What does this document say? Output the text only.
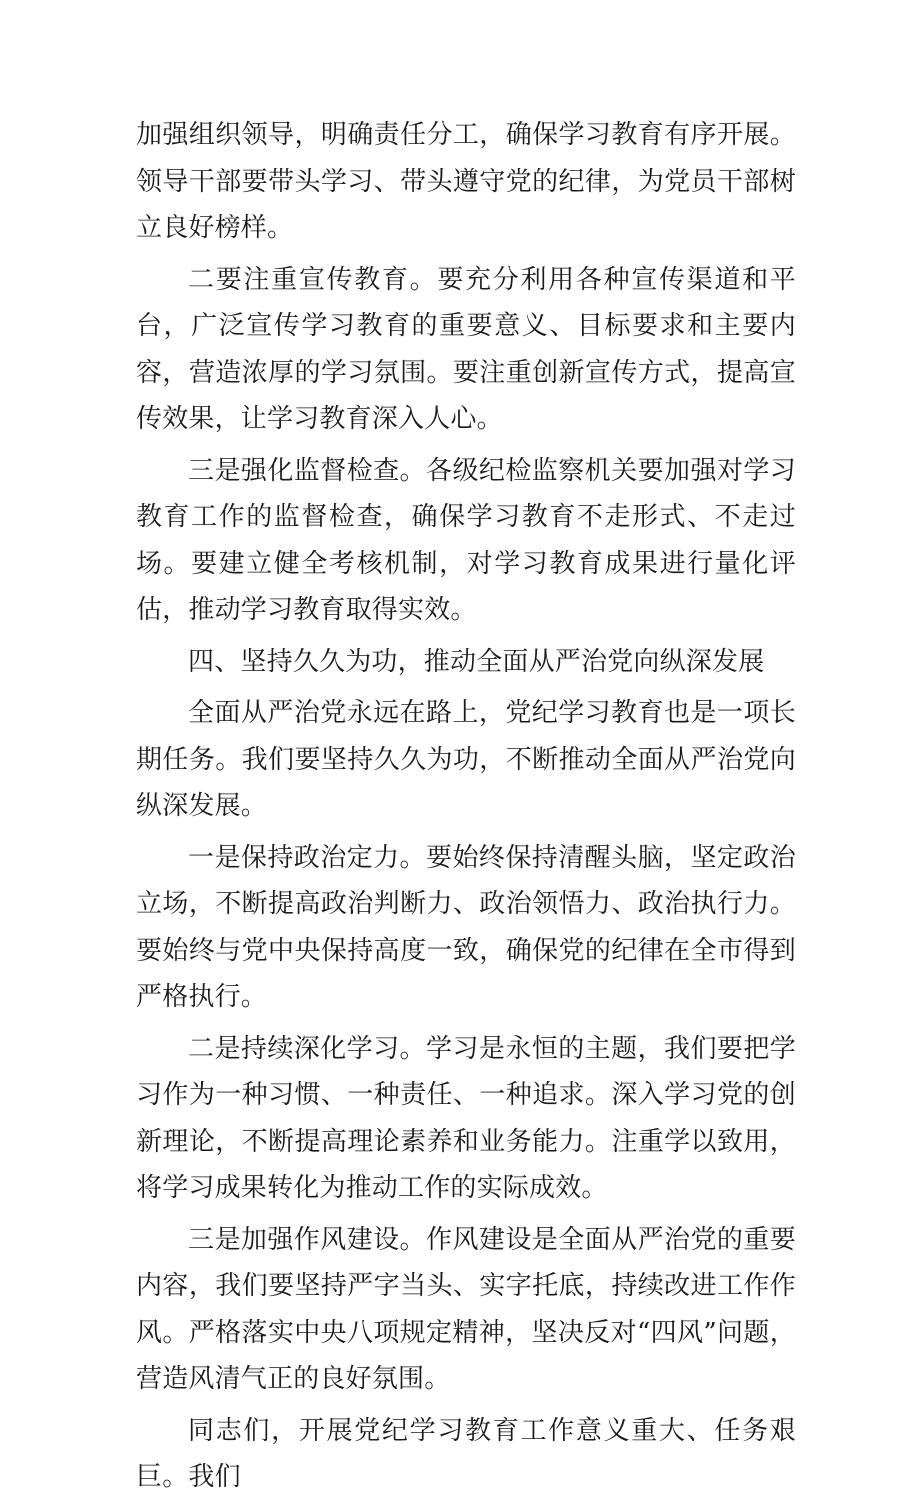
加强组织领导，明确责任分工，确保学习教育有序开展。领导干部要带头学习、带头遵守党的纪律，为党员干部树立良好榜样。

二要注重宣传教育。要充分利用各种宣传渠道和平台，广泛宣传学习教育的重要意义、目标要求和主要内容，营造浓厚的学习氛围。要注重创新宣传方式，提高宣传效果，让学习教育深入人心。

三是强化监督检查。各级纪检监察机关要加强对学习教育工作的监督检查，确保学习教育不走形式、不走过场。要建立健全考核机制，对学习教育成果进行量化评估，推动学习教育取得实效。

四、坚持久久为功，推动全面从严治党向纵深发展

全面从严治党永远在路上，党纪学习教育也是一项长期任务。我们要坚持久久为功，不断推动全面从严治党向纵深发展。

一是保持政治定力。要始终保持清醒头脑，坚定政治立场，不断提高政治判断力、政治领悟力、政治执行力。要始终与党中央保持高度一致，确保党的纪律在全市得到严格执行。

二是持续深化学习。学习是永恒的主题，我们要把学习作为一种习惯、一种责任、一种追求。深入学习党的创新理论，不断提高理论素养和业务能力。注重学以致用，将学习成果转化为推动工作的实际成效。

三是加强作风建设。作风建设是全面从严治党的重要内容，我们要坚持严字当头、实字托底，持续改进工作作风。严格落实中央八项规定精神，坚决反对“四风”问题，营造风清气正的良好氛围。

同志们，开展党纪学习教育工作意义重大、任务艰巨。我们
